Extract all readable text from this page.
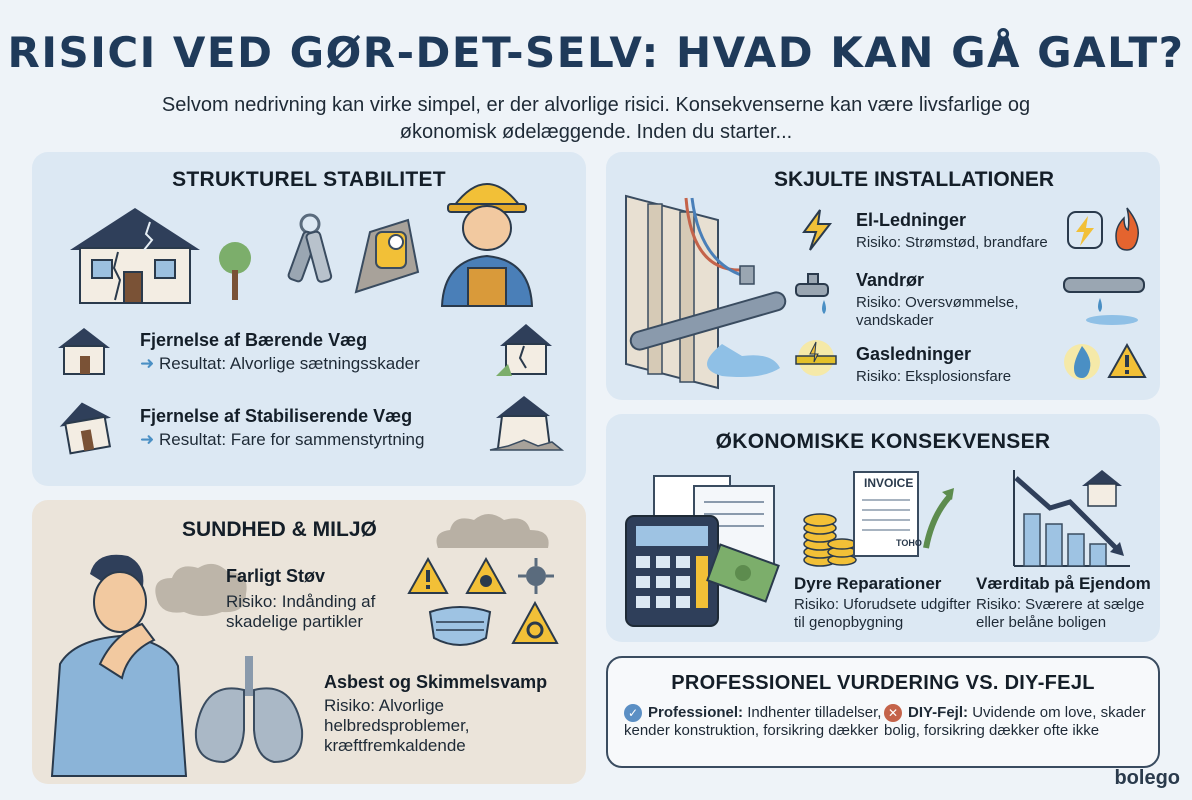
RISICI VED GØR-DET-SELV: HVAD KAN GÅ GALT?
Selvom nedrivning kan virke simpel, er der alvorlige risici. Konsekvenserne kan være livsfarlige og økonomisk ødelæggende. Inden du starter...
STRUKTUREL STABILITET
Fjernelse af Bærende Væg
➜ Resultat: Alvorlige sætningsskader
Fjernelse af Stabiliserende Væg
➜ Resultat: Fare for sammenstyrtning
SUNDHED & MILJØ
Farligt Støv
Risiko: Indånding af skadelige partikler
Asbest og Skimmelsvamp
Risiko: Alvorlige helbredsproblemer, kræftfremkaldende
SKJULTE INSTALLATIONER
El-Ledninger
Risiko: Strømstød, brandfare
Vandrør
Risiko: Oversvømmelse, vandskader
Gasledninger
Risiko: Eksplosionsfare
ØKONOMISKE KONSEKVENSER
INVOICE
TOHO
Dyre Reparationer
Risiko: Uforudsete udgifter til genopbygning
Værditab på Ejendom
Risiko: Sværere at sælge eller belåne boligen
PROFESSIONEL VURDERING VS. DIY-FEJL
✓ Professionel: Indhenter tilladelser, kender konstruktion, forsikring dækker
✕ DIY-Fejl: Uvidende om love, skader bolig, forsikring dækker ofte ikke
bolego
